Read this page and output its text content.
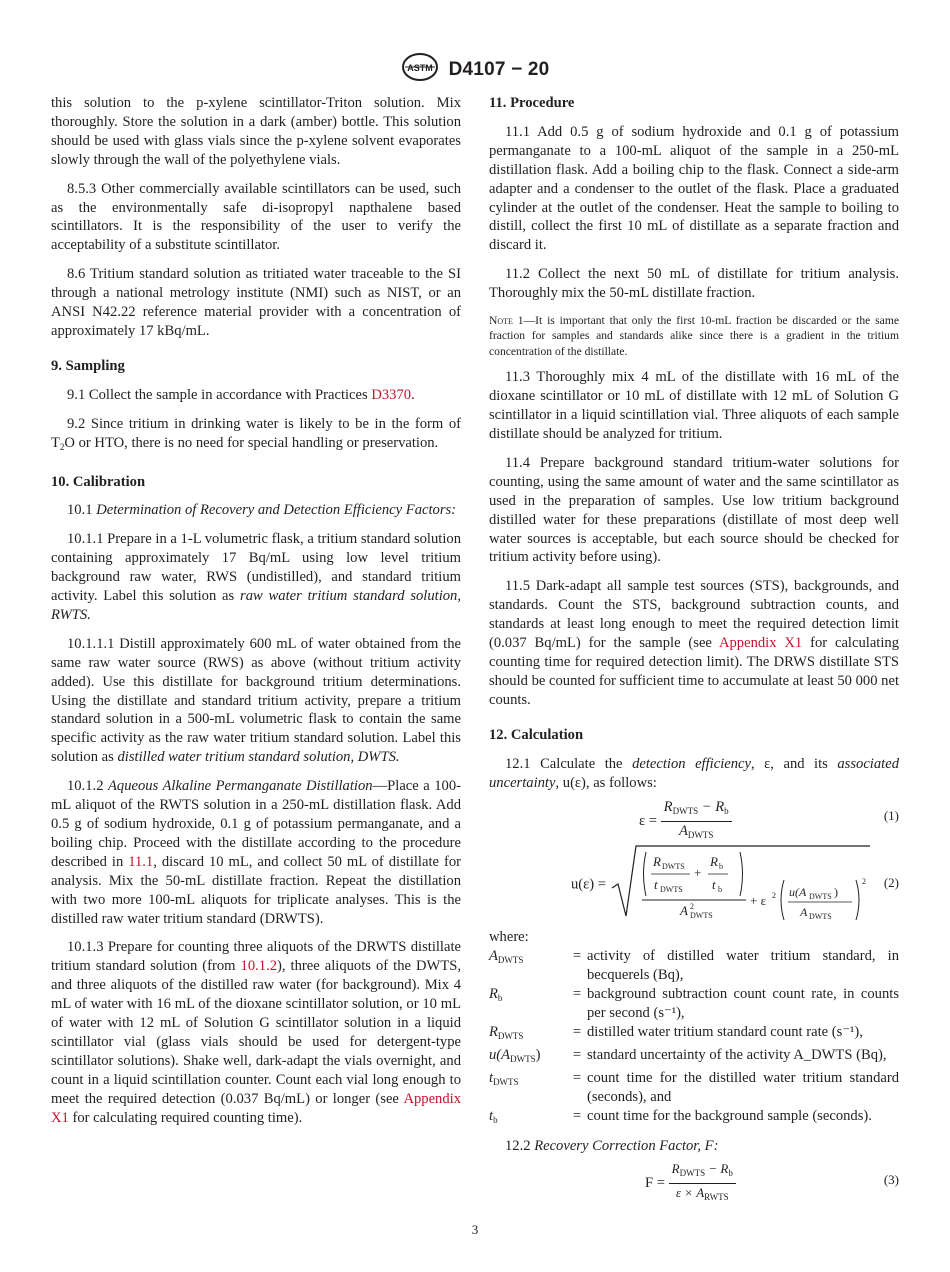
ASTM D4107 − 20

this solution to the p-xylene scintillator-Triton solution. Mix thoroughly. Store the solution in a dark (amber) bottle. This solution should be used with glass vials since the p-xylene solvent evaporates slowly through the wall of the polyethylene vials.

8.5.3 Other commercially available scintillators can be used, such as the environmentally safe di-isopropyl napthalene based scintillators. It is the responsibility of the user to verify the acceptability of a substitute scintillator.

8.6 Tritium standard solution as tritiated water traceable to the SI through a national metrology institute (NMI) such as NIST, or an ANSI N42.22 reference material provider with a concentration of approximately 17 kBq/mL.

9. Sampling

9.1 Collect the sample in accordance with Practices D3370.

9.2 Since tritium in drinking water is likely to be in the form of $T_2O$ or HTO, there is no need for special handling or preservation.

10. Calibration

10.1 Determination of Recovery and Detection Efficiency Factors:

10.1.1 Prepare in a 1-L volumetric flask, a tritium standard solution containing approximately 17 Bq/mL using low level tritium background raw water, RWS (undistilled), and standard tritium activity. Label this solution as raw water tritium standard solution, RWTS.

10.1.1.1 Distill approximately 600 mL of water obtained from the same raw water source (RWS) as above (without tritium activity added). Use this distillate for background tritium determinations. Using the distillate and standard tritium activity, prepare a tritium standard solution in a 500-mL volumetric flask to contain the same specific activity as the raw water tritium standard solution. Label this solution as distilled water tritium standard solution, DWTS.

10.1.2 Aqueous Alkaline Permanganate Distillation—Place a 100-mL aliquot of the RWTS solution in a 250-mL distillation flask. Add 0.5 g of sodium hydroxide, 0.1 g of potassium permanganate, and a boiling chip. Proceed with the distillate according to the procedure described in 11.1, discard 10 mL, and collect 50 mL of distillate for analysis. Mix the 50-mL distillate fraction. Repeat the distillation with two more 100-mL aliquots for triplicate analyses. This is the distilled raw water tritium standard (DRWTS).

10.1.3 Prepare for counting three aliquots of the DRWTS distillate tritium standard solution (from 10.1.2), three aliquots of the DWTS, and three aliquots of the distilled raw water (for background). Mix 4 mL of water with 16 mL of the dioxane scintillator solution, or 10 mL of water with 12 mL of Solution G scintillator solution in a liquid scintillator vial (glass vials should be used for detergent-type scintillator solutions). Shake well, dark-adapt the vials overnight, and count in a liquid scintillation counter. Count each vial long enough to meet the required detection (0.037 Bq/mL) or longer (see Appendix X1 for calculating required counting time).

11. Procedure

11.1 Add 0.5 g of sodium hydroxide and 0.1 g of potassium permanganate to a 100-mL aliquot of the sample in a 250-mL distillation flask. Add a boiling chip to the flask. Connect a side-arm adapter and a condenser to the outlet of the flask. Place a graduated cylinder at the outlet of the condenser. Heat the sample to boiling to distill, collect the first 10 mL of distillate as a separate fraction and discard it.

11.2 Collect the next 50 mL of distillate for tritium analysis. Thoroughly mix the 50-mL distillate fraction.

Note 1—It is important that only the first 10-mL fraction be discarded or the same fraction for samples and standards alike since there is a gradient in the tritium concentration of the distillate.

11.3 Thoroughly mix 4 mL of the distillate with 16 mL of the dioxane scintillator or 10 mL of distillate with 12 mL of Solution G scintillator in a liquid scintillation vial. Three aliquots of each sample distillate should be analyzed for tritium.

11.4 Prepare background standard tritium-water solutions for counting, using the same amount of water and the same scintillator as used in the preparation of samples. Use low tritium background distilled water for these preparations (distillate of most deep well water sources is acceptable, but each source should be checked for tritium activity before using).

11.5 Dark-adapt all sample test sources (STS), backgrounds, and standards. Count the STS, background subtraction counts, and standards at least long enough to meet the required detection limit (0.037 Bq/mL) for the sample (see Appendix X1 for calculating counting time for required detection limit). The DRWS distillate STS should be counted for sufficient time to accumulate at least 50 000 net counts.

12. Calculation

12.1 Calculate the detection efficiency, ε, and its associated uncertainty, u(ε), as follows:

$\varepsilon = \frac{R_{DWTS} - R_b}{A_{DWTS}}$	(1)
u(ε) =
R DWTS
t DWTS
+
R b
t b
A 2
DWTS
+ ε 2 u(A DWTS )
A DWTS
2 (2)

where:

$A_{DWTS}$	=	activity of distilled water tritium standard, in becquerels (Bq),
$R_b$	=	background subtraction count count rate, in counts per second (s⁻¹),
$R_{DWTS}$	=	distilled water tritium standard count rate (s⁻¹),
$u(A_{DWTS})$	=	standard uncertainty of the activity A_DWTS (Bq),
$t_{DWTS}$	=	count time for the distilled water tritium standard (seconds), and
$t_b$	=	count time for the background sample (seconds).

12.2 Recovery Correction Factor, F:

$F = \frac{R_{DWTS} - R_b}{\varepsilon \times A_{RWTS}}$	(3)
3
